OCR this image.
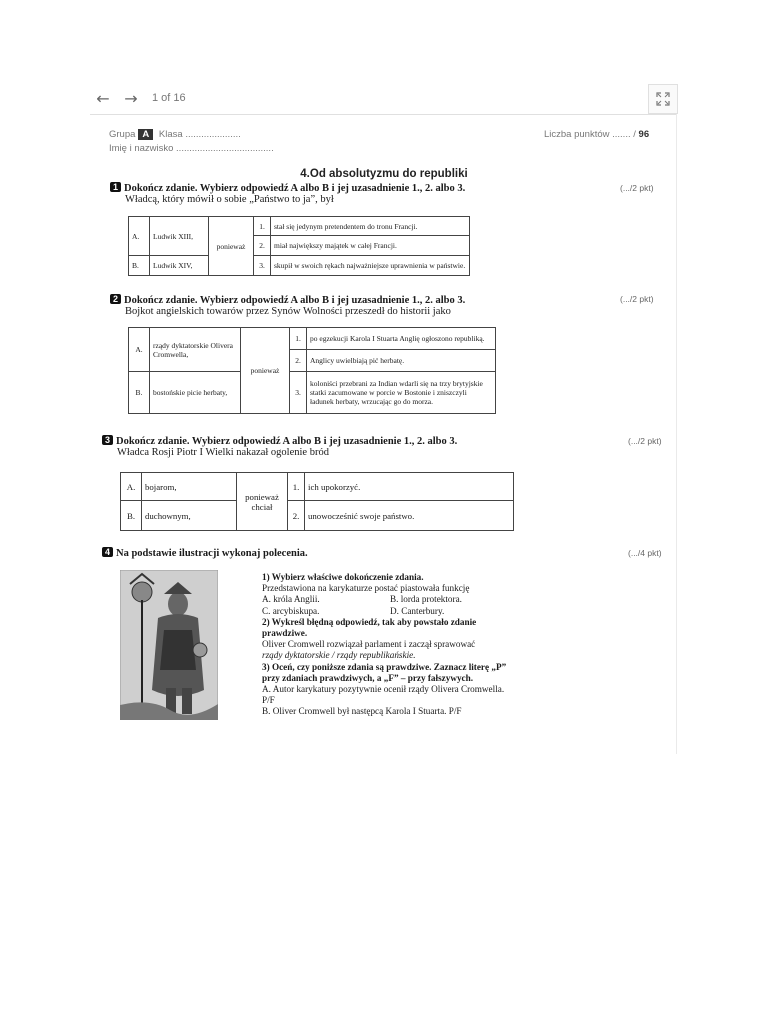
← →	1 of 16
Grupa A Klasa .....................
Imię i nazwisko .....................................
Liczba punktów ....... / 96
4.Od absolutyzmu do republiki
1 Dokończ zdanie. Wybierz odpowiedź A albo B i jej uzasadnienie 1., 2. albo 3.
Władcą, który mówił o sobie „Państwo to ja”, był
(.../2 pkt)
A.	Ludwik XIII,	ponieważ	1.	stał się jedynym pretendentem do tronu Francji.
			2.	miał największy majątek w całej Francji.
B.	Ludwik XIV,		3.	skupił w swoich rękach najważniejsze uprawnienia w państwie.
2 Dokończ zdanie. Wybierz odpowiedź A albo B i jej uzasadnienie 1., 2. albo 3.
Bojkot angielskich towarów przez Synów Wolności przeszedł do historii jako
(.../2 pkt)
A.	rządy dyktatorskie Olivera Cromwella,	ponieważ	1.	po egzekucji Karola I Stuarta Anglię ogłoszono republiką.
			2.	Anglicy uwielbiają pić herbatę.
B.	bostońskie picie herbaty,		3.	koloniści przebrani za Indian wdarli się na trzy brytyjskie statki zacumowane w porcie w Bostonie i zniszczyli ładunek herbaty, wrzucając go do morza.
3 Dokończ zdanie. Wybierz odpowiedź A albo B i jej uzasadnienie 1., 2. albo 3.
Władca Rosji Piotr I Wielki nakazał ogolenie bród
(.../2 pkt)
A.	bojarom,	ponieważ chciał	1.	ich upokorzyć.
B.	duchownym,		2.	unowocześnić swoje państwo.
4 Na podstawie ilustracji wykonaj polecenia.	(.../4 pkt)
1) Wybierz właściwe dokończenie zdania.
Przedstawiona na karykaturze postać piastowała funkcję
A. króla Anglii.	B. lorda protektora.
C. arcybiskupa.	D. Canterbury.
2) Wykreśl błędną odpowiedź, tak aby powstało zdanie prawdziwe.
Oliver Cromwell rozwiązał parlament i zaczął sprawować
rządy dyktatorskie / rządy republikańskie.
3) Oceń, czy poniższe zdania są prawdziwe. Zaznacz literę „P” przy zdaniach prawdziwych, a „F” – przy fałszywych.
A. Autor karykatury pozytywnie ocenił rządy Olivera Cromwella. P/F
B. Oliver Cromwell był następcą Karola I Stuarta. P/F
